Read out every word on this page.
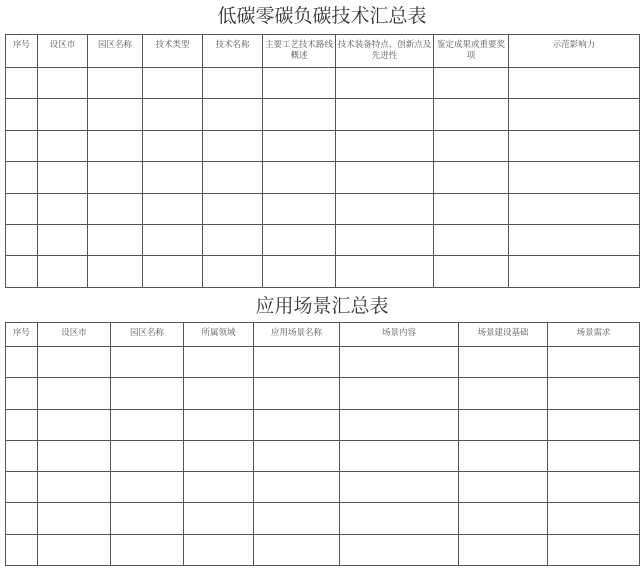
低碳零碳负碳技术汇总表
序号	设区市	园区名称	技术类型	技术名称	主要工艺技术路线概述	技术装备特点、创新点及先进性	鉴定成果或重要奖项	示范影响力

应用场景汇总表
序号	设区市	园区名称	所属领域	应用场景名称	场景内容	场景建设基础	场景需求
